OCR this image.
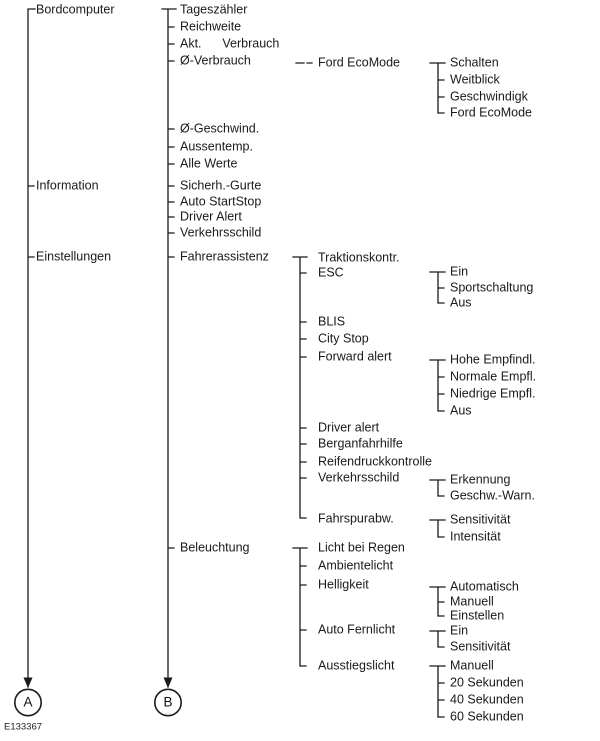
Bordcomputer
Information
Einstellungen
Tageszähler
Reichweite
Akt.      Verbrauch
Ø-Verbrauch
Ø-Geschwind.
Aussentemp.
Alle Werte
Sicherh.-Gurte
Auto StartStop
Driver Alert
Verkehrsschild
Fahrerassistenz
Beleuchtung
Ford EcoMode
Traktionskontr.
ESC
BLIS
City Stop
Forward alert
Driver alert
Berganfahrhilfe
Reifendruckkontrolle
Verkehrsschild
Fahrspurabw.
Licht bei Regen
Ambientelicht
Helligkeit
Auto Fernlicht
Ausstiegslicht
Schalten
Weitblick
Geschwindigk
Ford EcoMode
Ein
Sportschaltung
Aus
Hohe Empfindl.
Normale Empfl.
Niedrige Empfl.
Aus
Erkennung
Geschw.-Warn.
Sensitivität
Intensität
Automatisch
Manuell
Einstellen
Ein
Sensitivität
Manuell
20 Sekunden
40 Sekunden
60 Sekunden
A	B
E133367
